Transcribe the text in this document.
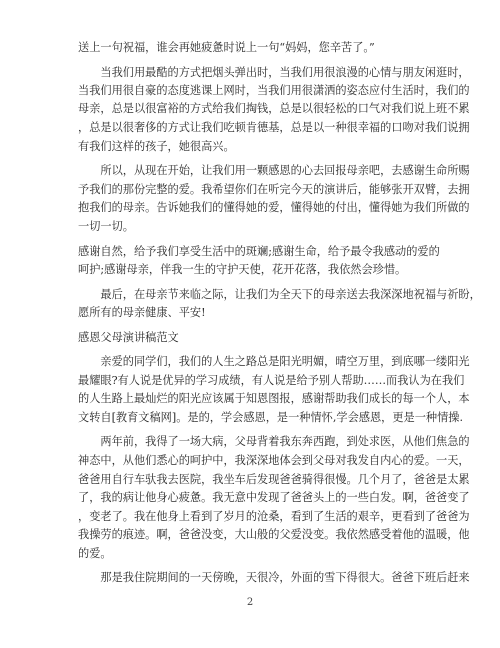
送上一句祝福，谁会再她疲惫时说上一句“妈妈，您辛苦了。”
　　当我们用最酷的方式把烟头弹出时，当我们用很浪漫的心情与朋友闲逛时，
当我们用很自豪的态度逃课上网时，当我们用很潇洒的姿态应付生活时，我们的
母亲，总是以很富裕的方式给我们掏钱，总是以很轻松的口气对我们说上班不累
，总是以很奢侈的方式让我们吃顿肯德基，总是以一种很幸福的口吻对我们说拥
有我们这样的孩子，她很高兴。
　　所以，从现在开始，让我们用一颗感恩的心去回报母亲吧，去感谢生命所赐
予我们的那份完整的爱。我希望你们在听完今天的演讲后，能够张开双臂，去拥
抱我们的母亲。告诉她我们的懂得她的爱，懂得她的付出，懂得她为我们所做的
一切一切。
感谢自然，给予我们享受生活中的斑斓;感谢生命，给予最令我感动的爱的
呵护;感谢母亲，伴我一生的守护天使，花开花落，我依然会珍惜。
　　最后，在母亲节来临之际，让我们为全天下的母亲送去我深深地祝福与祈盼，
愿所有的母亲健康、平安!
感恩父母演讲稿范文
　　亲爱的同学们，我们的人生之路总是阳光明媚，晴空万里，到底哪一缕阳光
最耀眼?有人说是优异的学习成绩，有人说是给予别人帮助……而我认为在我们
的人生路上最灿烂的阳光应该属于知恩图报，感谢帮助我们成长的每一个人，本
文转自[教育文稿网]。是的，学会感恩，是一种情怀,学会感恩，更是一种情操.
　　两年前，我得了一场大病，父母背着我东奔西跑，到处求医，从他们焦急的
神态中，从他们悉心的呵护中，我深深地体会到父母对我发自内心的爱。一天，
爸爸用自行车驮我去医院，我坐车后发现爸爸骑得很慢。几个月了，爸爸是太累
了，我的病让他身心疲惫。我无意中发现了爸爸头上的一些白发。啊，爸爸变了
，变老了。我在他身上看到了岁月的沧桑，看到了生活的艰辛，更看到了爸爸为
我操劳的痕迹。啊，爸爸没变，大山般的父爱没变。我依然感受着他的温暖，他
的爱。
　　那是我住院期间的一天傍晚，天很冷，外面的雪下得很大。爸爸下班后赶来
2
